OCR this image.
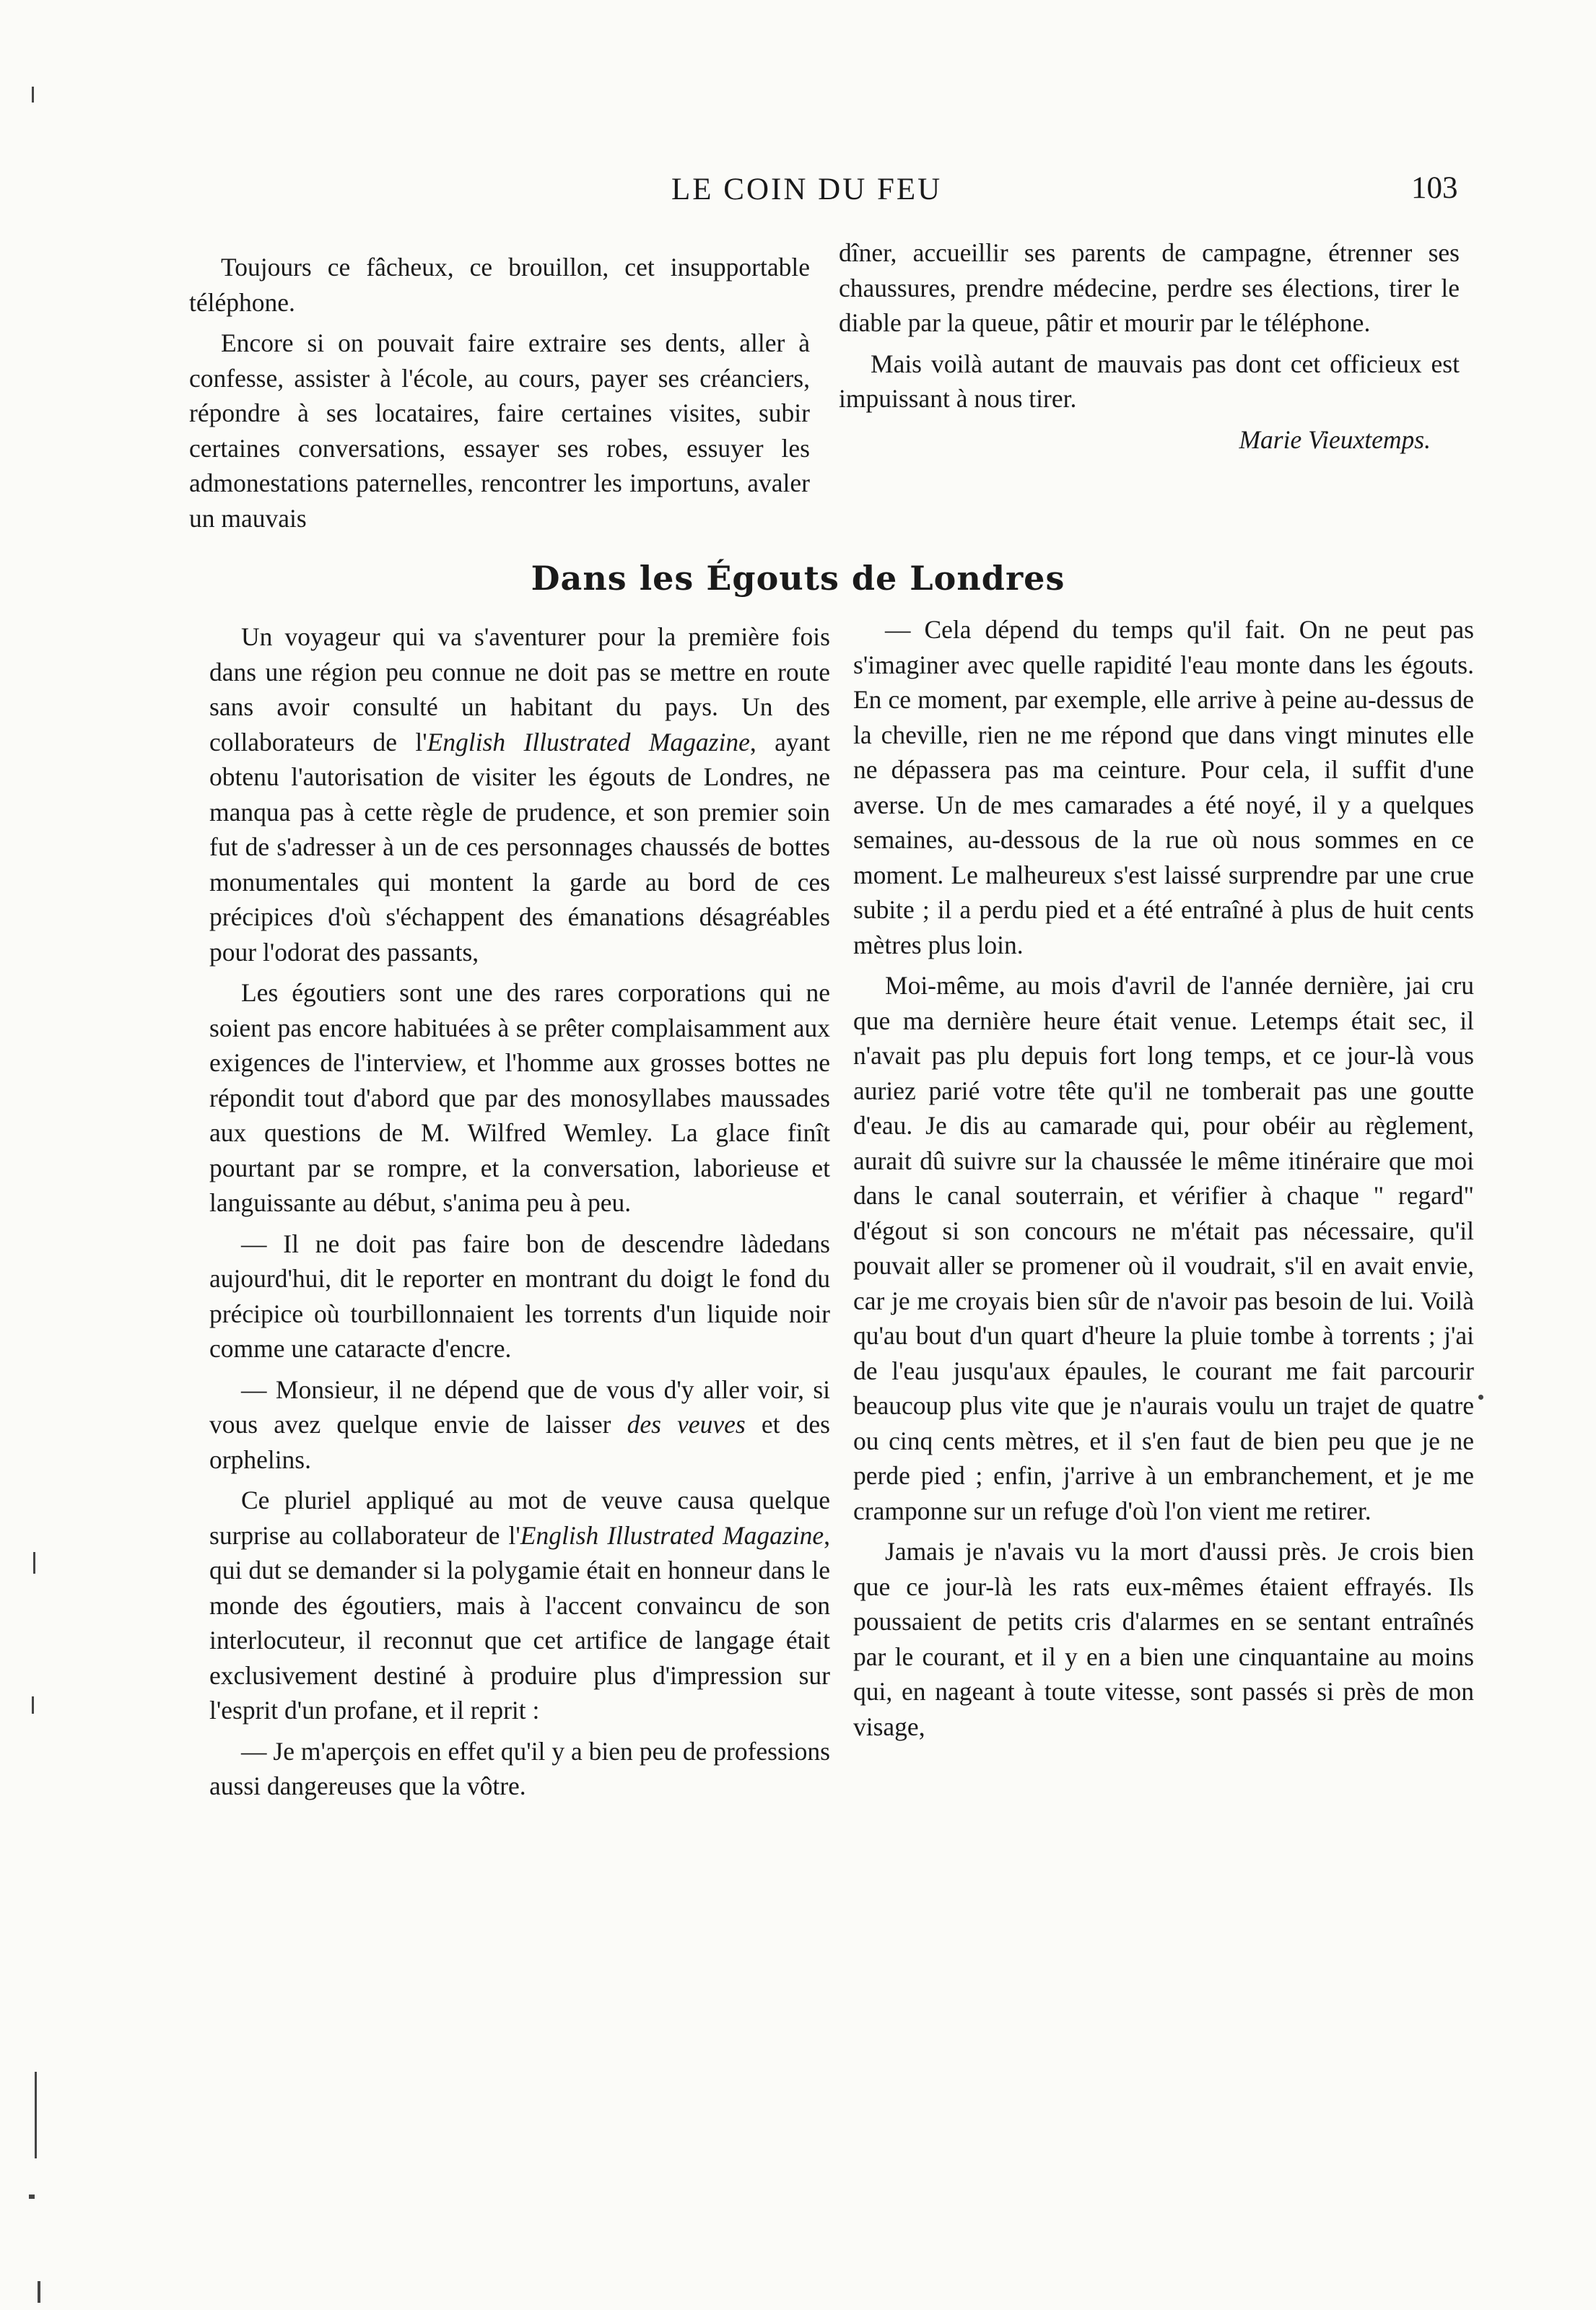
LE COIN DU FEU	103

Toujours ce fâcheux, ce brouillon, cet insupportable téléphone.

Encore si on pouvait faire extraire ses dents, aller à confesse, assister à l'école, au cours, payer ses créanciers, répondre à ses locataires, faire certaines visites, subir certaines conversations, essayer ses robes, essuyer les admonestations paternelles, rencontrer les importuns, avaler un mauvais

dîner, accueillir ses parents de campagne, étrenner ses chaussures, prendre médecine, perdre ses élections, tirer le diable par la queue, pâtir et mourir par le téléphone.

Mais voilà autant de mauvais pas dont cet officieux est impuissant à nous tirer.

Marie Vieuxtemps.
Dans les Égouts de Londres

Un voyageur qui va s'aventurer pour la première fois dans une région peu connue ne doit pas se mettre en route sans avoir consulté un habitant du pays. Un des collaborateurs de l'English Illustrated Magazine, ayant obtenu l'autorisation de visiter les égouts de Londres, ne manqua pas à cette règle de prudence, et son premier soin fut de s'adresser à un de ces personnages chaussés de bottes monumentales qui montent la garde au bord de ces précipices d'où s'échappent des émanations désagréables pour l'odorat des passants,

Les égoutiers sont une des rares corporations qui ne soient pas encore habituées à se prêter complaisamment aux exigences de l'interview, et l'homme aux grosses bottes ne répondit tout d'abord que par des monosyllabes maussades aux questions de M. Wilfred Wemley. La glace finît pourtant par se rompre, et la conversation, laborieuse et languissante au début, s'anima peu à peu.

— Il ne doit pas faire bon de descendre làdedans aujourd'hui, dit le reporter en montrant du doigt le fond du précipice où tourbillonnaient les torrents d'un liquide noir comme une cataracte d'encre.

— Monsieur, il ne dépend que de vous d'y aller voir, si vous avez quelque envie de laisser des veuves et des orphelins.

Ce pluriel appliqué au mot de veuve causa quelque surprise au collaborateur de l'English Illustrated Magazine, qui dut se demander si la polygamie était en honneur dans le monde des égoutiers, mais à l'accent convaincu de son interlocuteur, il reconnut que cet artifice de langage était exclusivement destiné à produire plus d'impression sur l'esprit d'un profane, et il reprit :

— Je m'aperçois en effet qu'il y a bien peu de professions aussi dangereuses que la vôtre.

— Cela dépend du temps qu'il fait. On ne peut pas s'imaginer avec quelle rapidité l'eau monte dans les égouts. En ce moment, par exemple, elle arrive à peine au-dessus de la cheville, rien ne me répond que dans vingt minutes elle ne dépassera pas ma ceinture. Pour cela, il suffit d'une averse. Un de mes camarades a été noyé, il y a quelques semaines, au-dessous de la rue où nous sommes en ce moment. Le malheureux s'est laissé surprendre par une crue subite ; il a perdu pied et a été entraîné à plus de huit cents mètres plus loin.

Moi-même, au mois d'avril de l'année dernière, jai cru que ma dernière heure était venue. Letemps était sec, il n'avait pas plu depuis fort long temps, et ce jour-là vous auriez parié votre tête qu'il ne tomberait pas une goutte d'eau. Je dis au camarade qui, pour obéir au règlement, aurait dû suivre sur la chaussée le même itinéraire que moi dans le canal souterrain, et vérifier à chaque " regard" d'égout si son concours ne m'était pas nécessaire, qu'il pouvait aller se promener où il voudrait, s'il en avait envie, car je me croyais bien sûr de n'avoir pas besoin de lui. Voilà qu'au bout d'un quart d'heure la pluie tombe à torrents ; j'ai de l'eau jusqu'aux épaules, le courant me fait parcourir beaucoup plus vite que je n'aurais voulu un trajet de quatre ou cinq cents mètres, et il s'en faut de bien peu que je ne perde pied ; enfin, j'arrive à un embranchement, et je me cramponne sur un refuge d'où l'on vient me retirer.

Jamais je n'avais vu la mort d'aussi près. Je crois bien que ce jour-là les rats eux-mêmes étaient effrayés. Ils poussaient de petits cris d'alarmes en se sentant entraînés par le courant, et il y en a bien une cinquantaine au moins qui, en nageant à toute vitesse, sont passés si près de mon visage,
